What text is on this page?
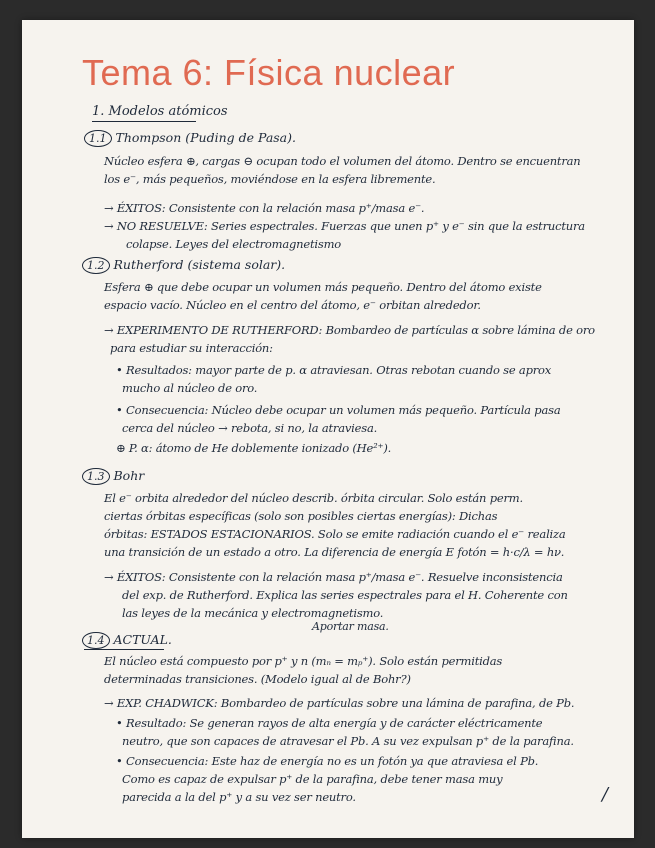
Tema 6: Física nuclear
1. Modelos atómicos
1.1 Thompson (Puding de Pasa).
Núcleo esfera ⊕, cargas ⊖ ocupan todo el volumen del átomo. Dentro se encuentran
los e⁻, más pequeños, moviéndose en la esfera libremente.
→ ÉXITOS: Consistente con la relación masa p⁺/masa e⁻.
→ NO RESUELVE: Series espectrales. Fuerzas que unen p⁺ y e⁻ sin que la estructura
colapse. Leyes del electromagnetismo
1.2 Rutherford (sistema solar).
Esfera ⊕ que debe ocupar un volumen más pequeño. Dentro del átomo existe
espacio vacío. Núcleo en el centro del átomo, e⁻ orbitan alrededor.
→ EXPERIMENTO DE RUTHERFORD: Bombardeo de partículas α sobre lámina de oro
para estudiar su interacción:
• Resultados: mayor parte de p. α atraviesan. Otras rebotan cuando se aprox
mucho al núcleo de oro.
• Consecuencia: Núcleo debe ocupar un volumen más pequeño. Partícula pasa
cerca del núcleo → rebota, si no, la atraviesa.
⊕ P. α: átomo de He doblemente ionizado (He²⁺).
1.3 Bohr
El e⁻ orbita alrededor del núcleo describ. órbita circular. Solo están perm.
ciertas órbitas específicas (solo son posibles ciertas energías): Dichas
órbitas: ESTADOS ESTACIONARIOS. Solo se emite radiación cuando el e⁻ realiza
una transición de un estado a otro. La diferencia de energía E fotón = h·c/λ = hν.
→ ÉXITOS: Consistente con la relación masa p⁺/masa e⁻. Resuelve inconsistencia
del exp. de Rutherford. Explica las series espectrales para el H. Coherente con
las leyes de la mecánica y electromagnetismo.
1.4 ACTUAL.
Aportar masa.
El núcleo está compuesto por p⁺ y n (mₙ = mₚ⁺). Solo están permitidas
determinadas transiciones. (Modelo igual al de Bohr?)
→ EXP. CHADWICK: Bombardeo de partículas sobre una lámina de parafina, de Pb.
• Resultado: Se generan rayos de alta energía y de carácter eléctricamente
neutro, que son capaces de atravesar el Pb. A su vez expulsan p⁺ de la parafina.
• Consecuencia: Este haz de energía no es un fotón ya que atraviesa el Pb.
Como es capaz de expulsar p⁺ de la parafina, debe tener masa muy
parecida a la del p⁺ y a su vez ser neutro.	/
